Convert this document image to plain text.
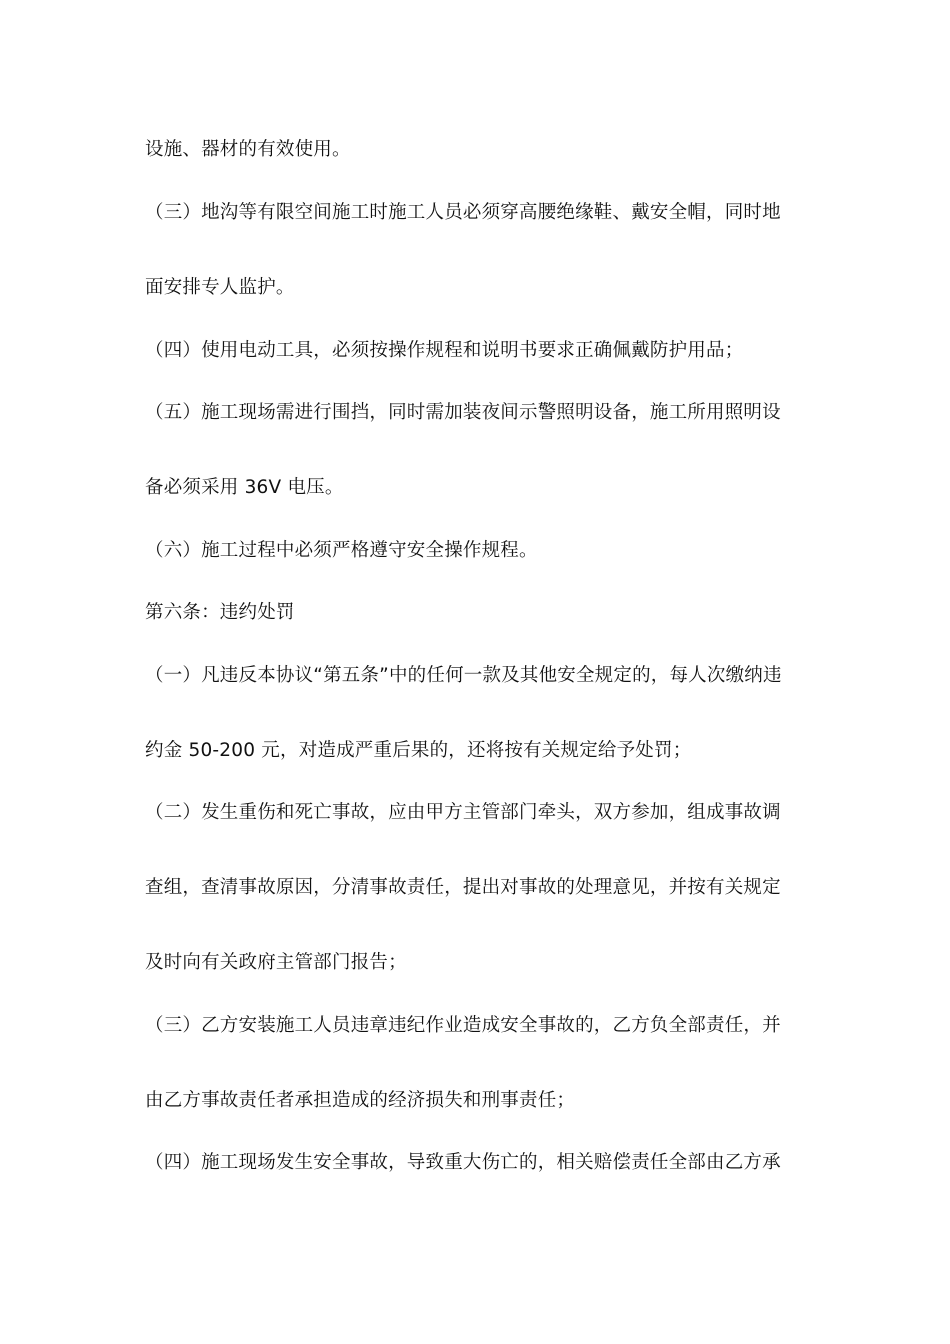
设施、器材的有效使用。
（三）地沟等有限空间施工时施工人员必须穿高腰绝缘鞋、戴安全帽，同时地
面安排专人监护。
（四）使用电动工具，必须按操作规程和说明书要求正确佩戴防护用品；
（五）施工现场需进行围挡，同时需加装夜间示警照明设备，施工所用照明设
备必须采用 36V 电压。
（六）施工过程中必须严格遵守安全操作规程。
第六条：违约处罚
（一）凡违反本协议“第五条”中的任何一款及其他安全规定的，每人次缴纳违
约金 50-200 元，对造成严重后果的，还将按有关规定给予处罚；
（二）发生重伤和死亡事故，应由甲方主管部门牵头，双方参加，组成事故调
查组，查清事故原因，分清事故责任，提出对事故的处理意见，并按有关规定
及时向有关政府主管部门报告；
（三）乙方安装施工人员违章违纪作业造成安全事故的，乙方负全部责任，并
由乙方事故责任者承担造成的经济损失和刑事责任；
（四）施工现场发生安全事故，导致重大伤亡的，相关赔偿责任全部由乙方承
